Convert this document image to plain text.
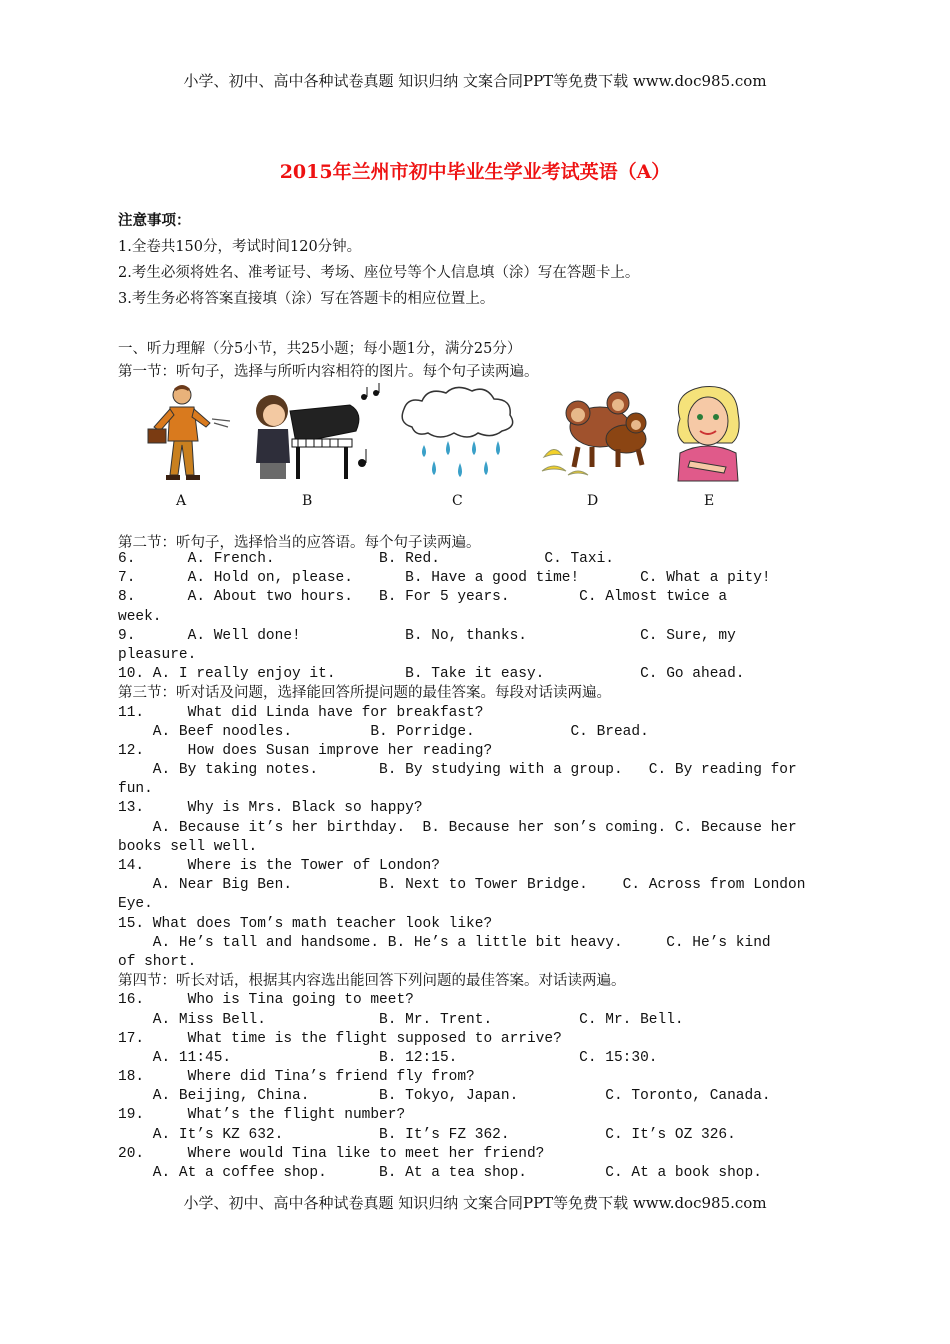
小学、初中、高中各种试卷真题 知识归纳 文案合同PPT等免费下载 www.doc985.com
2015年兰州市初中毕业生学业考试英语（A）
注意事项：
1.全卷共150分，考试时间120分钟。
2.考生必须将姓名、准考证号、考场、座位号等个人信息填（涂）写在答题卡上。
3.考生务必将答案直接填（涂）写在答题卡的相应位置上。
一、听力理解（分5小节，共25小题；每小题1分，满分25分）
第一节：听句子，选择与所听内容相符的图片。每个句子读两遍。
A	B	C	D	E

第二节：听句子，选择恰当的应答语。每个句子读两遍。
6.      A. French.            B. Red.            C. Taxi.
7.      A. Hold on, please.      B. Have a good time!       C. What a pity!
8.      A. About two hours.   B. For 5 years.        C. Almost twice a
week.
9.      A. Well done!            B. No, thanks.             C. Sure, my
pleasure.
10. A. I really enjoy it.        B. Take it easy.           C. Go ahead.
第三节：听对话及问题，选择能回答所提问题的最佳答案。每段对话读两遍。
11.     What did Linda have for breakfast?
A. Beef noodles.         B. Porridge.           C. Bread.
12.     How does Susan improve her reading?
A. By taking notes.       B. By studying with a group.   C. By reading for
fun.
13.     Why is Mrs. Black so happy?
A. Because it’s her birthday.  B. Because her son’s coming. C. Because her
books sell well.
14.     Where is the Tower of London?
A. Near Big Ben.          B. Next to Tower Bridge.    C. Across from London
Eye.
15. What does Tom’s math teacher look like?
A. He’s tall and handsome. B. He’s a little bit heavy.     C. He’s kind
of short.
第四节：听长对话，根据其内容选出能回答下列问题的最佳答案。对话读两遍。
16.     Who is Tina going to meet?
A. Miss Bell.             B. Mr. Trent.          C. Mr. Bell.
17.     What time is the flight supposed to arrive?
A. 11:45.                 B. 12:15.              C. 15:30.
18.     Where did Tina’s friend fly from?
A. Beijing, China.        B. Tokyo, Japan.          C. Toronto, Canada.
19.     What’s the flight number?
A. It’s KZ 632.           B. It’s FZ 362.           C. It’s OZ 326.
20.     Where would Tina like to meet her friend?
A. At a coffee shop.      B. At a tea shop.         C. At a book shop.
小学、初中、高中各种试卷真题 知识归纳 文案合同PPT等免费下载 www.doc985.com
